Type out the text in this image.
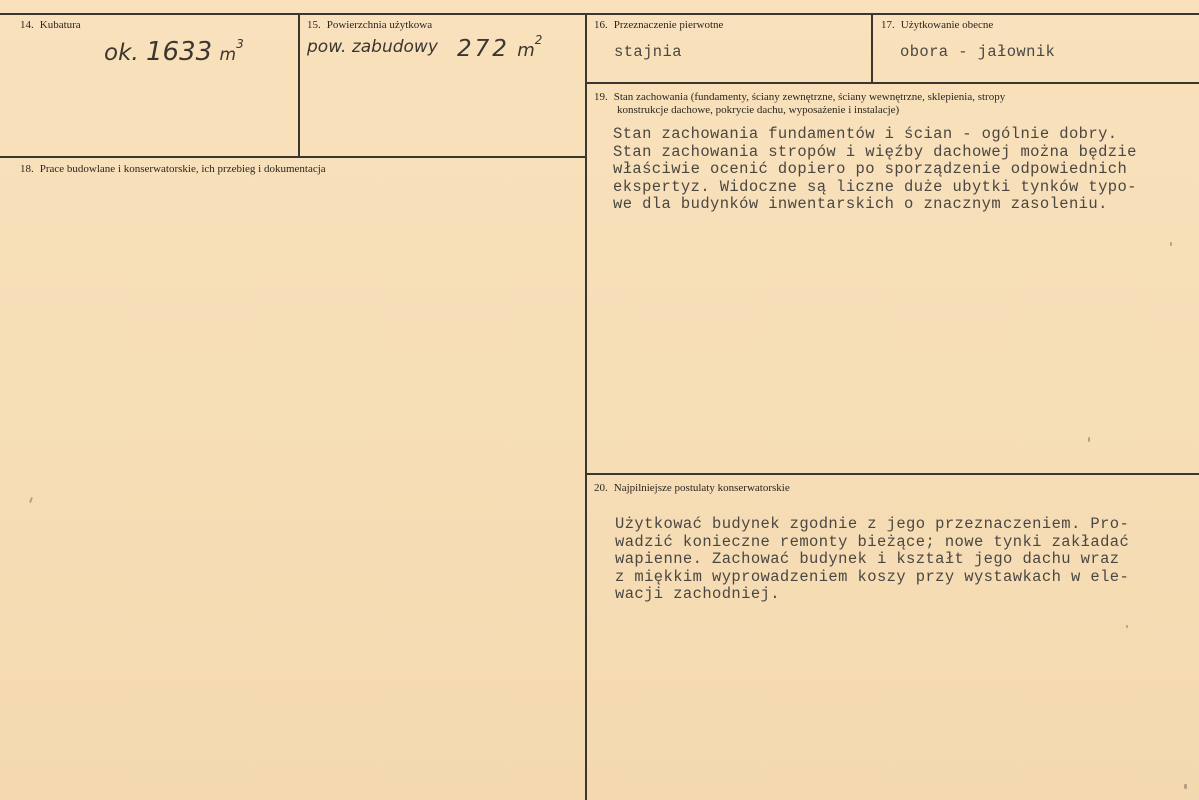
14. Kubatura
ok. 1633 $m^3$
15. Powierzchnia użytkowa
pow. zabudowy 272 $m^2$
16. Przeznaczenie pierwotne
stajnia
17. Użytkowanie obecne
obora - jałownik
18. Prace budowlane i konserwatorskie, ich przebieg i dokumentacja
19. Stan zachowania (fundamenty, ściany zewnętrzne, ściany wewnętrzne, sklepienia, stropy
konstrukcje dachowe, pokrycie dachu, wyposażenie i instalacje)
Stan zachowania fundamentów i ścian - ogólnie dobry.
Stan zachowania stropów i więźby dachowej można będzie
właściwie ocenić dopiero po sporządzenie odpowiednich
ekspertyz. Widoczne są liczne duże ubytki tynków typo-
we dla budynków inwentarskich o znacznym zasoleniu.
20. Najpilniejsze postulaty konserwatorskie
Użytkować budynek zgodnie z jego przeznaczeniem. Pro-
wadzić konieczne remonty bieżące; nowe tynki zakładać
wapienne. Zachować budynek i kształt jego dachu wraz
z miękkim wyprowadzeniem koszy przy wystawkach w ele-
wacji zachodniej.
